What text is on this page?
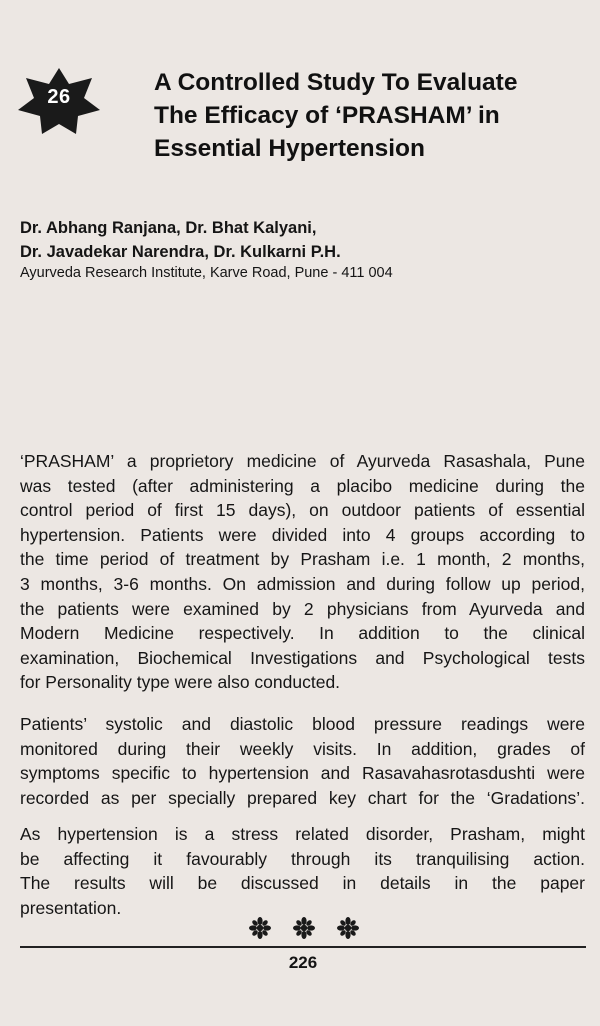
26
A Controlled Study To Evaluate
The Efficacy of ‘PRASHAM’ in
Essential Hypertension
Dr. Abhang Ranjana, Dr. Bhat Kalyani,
Dr. Javadekar Narendra, Dr. Kulkarni P.H.
Ayurveda Research Institute, Karve Road, Pune - 411 004
‘PRASHAM’ a proprietory medicine of Ayurveda Rasashala, Pune
was tested (after administering a placibo medicine during the
control period of first 15 days), on outdoor patients of essential
hypertension. Patients were divided into 4 groups according to
the time period of treatment by Prasham i.e. 1 month, 2 months,
3 months, 3-6 months. On admission and during follow up period,
the patients were examined by 2 physicians from Ayurveda and
Modern Medicine respectively. In addition to the clinical
examination, Biochemical Investigations and Psychological tests
for Personality type were also conducted.
Patients’ systolic and diastolic blood pressure readings were
monitored during their weekly visits. In addition, grades of
symptoms specific to hypertension and Rasavahasrotasdushti were
recorded as per specially prepared key chart for the ‘Gradations’.
As hypertension is a stress related disorder, Prasham, might
be affecting it favourably through its tranquilising action.
The results will be discussed in details in the paper
presentation.
226
